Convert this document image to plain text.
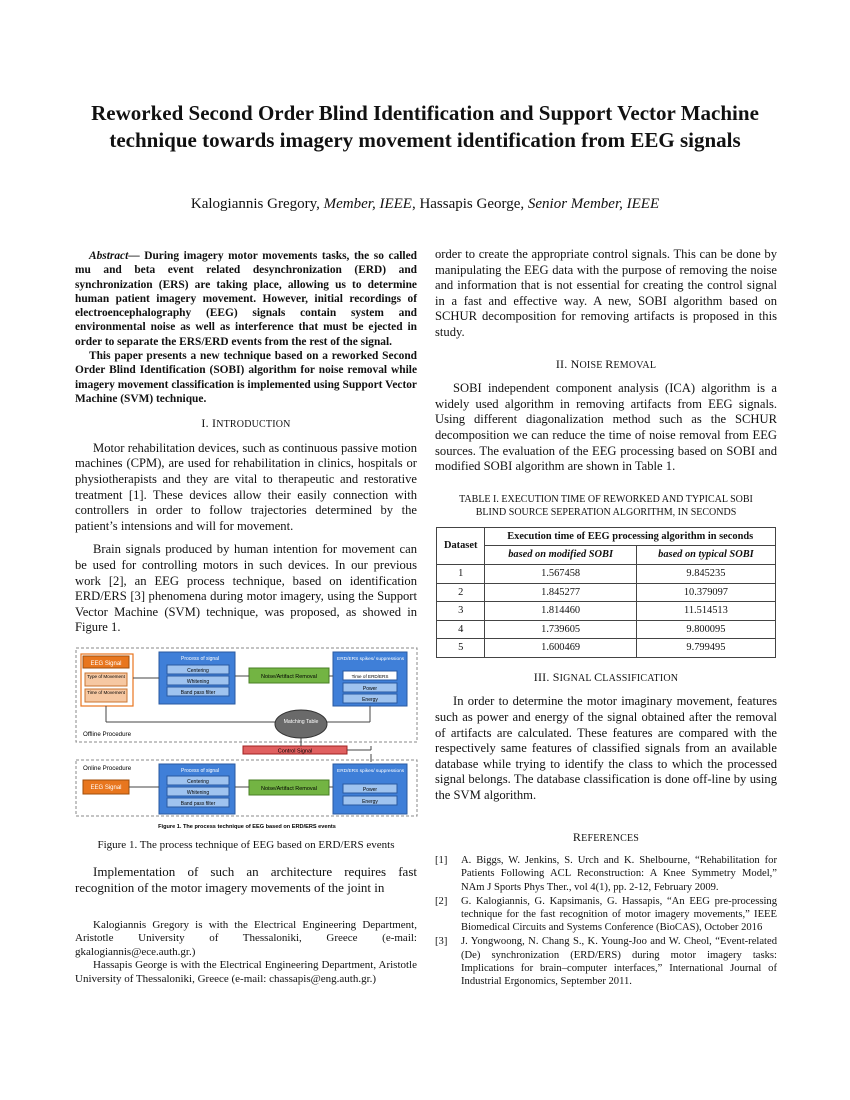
Reworked Second Order Blind Identification and Support Vector Machine technique towards imagery movement identification from EEG signals
Kalogiannis Gregory, Member, IEEE, Hassapis George, Senior Member, IEEE

Abstract— During imagery motor movements tasks, the so called mu and beta event related desynchronization (ERD) and synchronization (ERS) are taking place, allowing us to determine human patient imagery movement. However, initial recordings of electroencephalography (EEG) signals contain system and environmental noise as well as interference that must be ejected in order to separate the ERS/ERD events from the rest of the signal.

This paper presents a new technique based on a reworked Second Order Blind Identification (SOBI) algorithm for noise removal while imagery movement classification is implemented using Support Vector Machine (SVM) technique.

I. INTRODUCTION

Motor rehabilitation devices, such as continuous passive motion machines (CPM), are used for rehabilitation in clinics, hospitals or physiotherapists and they are vital to therapeutic and restorative treatment [1]. These devices allow their easily connection with controllers in order to follow trajectories determined by the patient’s intensions and will for movement.

Brain signals produced by human intention for movement can be used for controlling motors in such devices. In our previous work [2], an EEG process technique, based on identification ERD/ERS [3] phenomena during motor imagery, using the Support Vector Machine (SVM) technique, was proposed, as showed in Figure 1.

EEG Signal
Type of Movement
Time of Movement
Process of signal
Centering
Whitening
Band pass filter
Noise/Artifact Removal
ERD/ERS spikes/ suppressions
Time of ERD/ERS
Power
Energy
Matching Table
Offline Procedure
Control Signal
Online Procedure
EEG Signal
Process of signal
Centering
Whitening
Band pass filter
Noise/Artifact Removal
ERD/ERS spikes/ suppressions
Power
Energy
Figure 1. The process technique of EEG based on ERD/ERS events
Figure 1. The process technique of EEG based on ERD/ERS events

Implementation of such an architecture requires fast recognition of the motor imagery movements of the joint in

Kalogiannis Gregory is with the Electrical Engineering Department, Aristotle University of Thessaloniki, Greece (e-mail: gkalogiannis@ece.auth.gr.)

Hassapis George is with the Electrical Engineering Department, Aristotle University of Thessaloniki, Greece (e-mail: chassapis@eng.auth.gr.)

order to create the appropriate control signals. This can be done by manipulating the EEG data with the purpose of removing the noise and information that is not essential for creating the control signal in a fast and effective way. A new, SOBI algorithm based on SCHUR decomposition for removing artifacts is proposed in this study.

II. NOISE REMOVAL

SOBI independent component analysis (ICA) algorithm is a widely used algorithm in removing artifacts from EEG signals. Using different diagonalization method such as the SCHUR decomposition we can reduce the time of noise removal from EEG sources. The evaluation of the EEG processing based on SOBI and modified SOBI algorithm are shown in Table 1.

TABLE I. EXECUTION TIME OF REWORKED AND TYPICAL SOBI
BLIND SOURCE SEPERATION ALGORITHM, IN SECONDS
Dataset	Execution time of EEG processing algorithm in seconds	
	based on modified SOBI	based on typical SOBI
1	1.567458	9.845235
2	1.845277	10.379097
3	1.814460	11.514513
4	1.739605	9.800095
5	1.600469	9.799495
III. SIGNAL CLASSIFICATION

In order to determine the motor imaginary movement, features such as power and energy of the signal obtained after the removal of artifacts are calculated. These features are compared with the respectively same features of classified signals from an available database while trying to identify the class to which the processed signal belongs. The database classification is done off-line by using the SVM algorithm.

REFERENCES
[1]	A. Biggs, W. Jenkins, S. Urch and K. Shelbourne, “Rehabilitation for Patients Following ACL Reconstruction: A Knee Symmetry Model,” NAm J Sports Phys Ther., vol 4(1), pp. 2-12, February 2009.
[2]	G. Kalogiannis, G. Kapsimanis, G. Hassapis, “An EEG pre-processing technique for the fast recognition of motor imagery movements,” IEEE Biomedical Circuits and Systems Conference (BioCAS), October 2016
[3]	J. Yongwoong, N. Chang S., K. Young-Joo and W. Cheol, “Event-related (De) synchronization (ERD/ERS) during motor imagery tasks: Implications for brain–computer interfaces,” International Journal of Industrial Ergonomics, September 2011.
